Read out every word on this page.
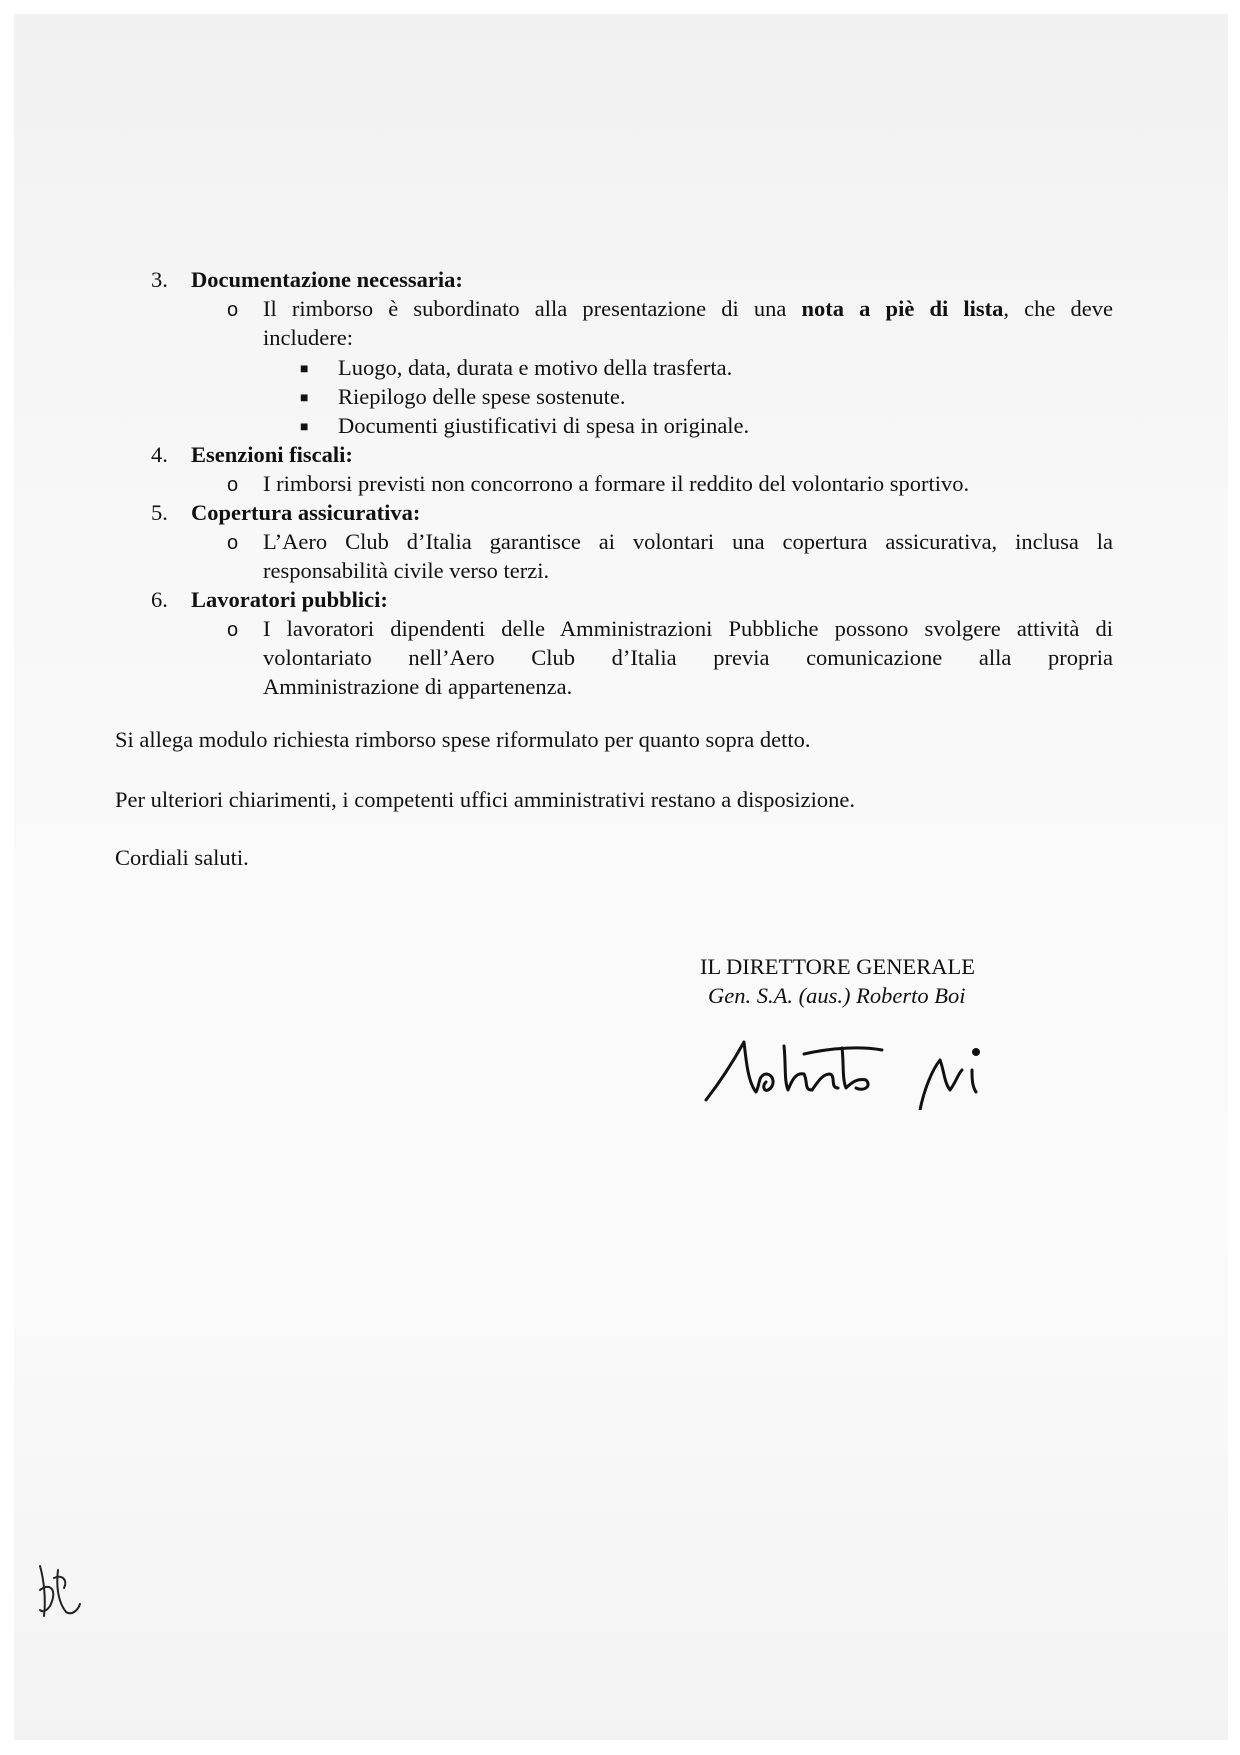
3. Documentazione necessaria:
o Il rimborso è subordinato alla presentazione di una nota a piè di lista, che deve
includere:
■ Luogo, data, durata e motivo della trasferta.
■ Riepilogo delle spese sostenute.
■ Documenti giustificativi di spesa in originale.
4. Esenzioni fiscali:
o I rimborsi previsti non concorrono a formare il reddito del volontario sportivo.
5. Copertura assicurativa:
o L’Aero Club d’Italia garantisce ai volontari una copertura assicurativa, inclusa la
responsabilità civile verso terzi.
6. Lavoratori pubblici:
o I lavoratori dipendenti delle Amministrazioni Pubbliche possono svolgere attività di
volontariato nell’Aero Club d’Italia previa comunicazione alla propria
Amministrazione di appartenenza.
Si allega modulo richiesta rimborso spese riformulato per quanto sopra detto.
Per ulteriori chiarimenti, i competenti uffici amministrativi restano a disposizione.
Cordiali saluti.
IL DIRETTORE GENERALE
Gen. S.A. (aus.) Roberto Boi
